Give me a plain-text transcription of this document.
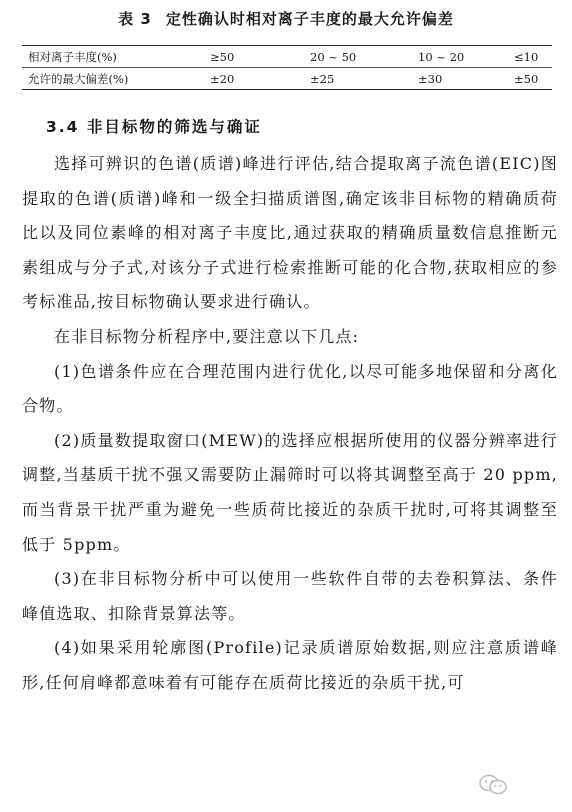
表 3 定性确认时相对离子丰度的最大允许偏差
相对离子丰度(%)	≥50	20 ~ 50	10 ~ 20	≤10
允许的最大偏差(%)	±20	±25	±30	±50
3.4 非目标物的筛选与确证

选择可辨识的色谱(质谱)峰进行评估,结合提取离子流色谱(EIC)图提取的色谱(质谱)峰和一级全扫描质谱图,确定该非目标物的精确质荷比以及同位素峰的相对离子丰度比,通过获取的精确质量数信息推断元素组成与分子式,对该分子式进行检索推断可能的化合物,获取相应的参考标准品,按目标物确认要求进行确认。

在非目标物分析程序中,要注意以下几点:

(1)色谱条件应在合理范围内进行优化,以尽可能多地保留和分离化合物。

(2)质量数提取窗口(MEW)的选择应根据所使用的仪器分辨率进行调整,当基质干扰不强又需要防止漏筛时可以将其调整至高于 20 ppm,而当背景干扰严重为避免一些质荷比接近的杂质干扰时,可将其调整至低于 5ppm。

(3)在非目标物分析中可以使用一些软件自带的去卷积算法、条件峰值选取、扣除背景算法等。

(4)如果采用轮廓图(Profile)记录质谱原始数据,则应注意质谱峰形,任何肩峰都意味着有可能存在质荷比接近的杂质干扰,可
